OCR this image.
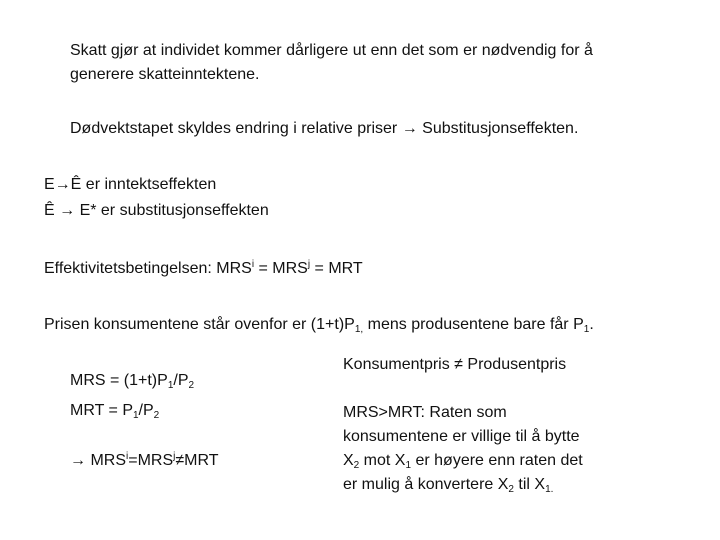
Skatt gjør at individet kommer dårligere ut enn det som er nødvendig for å
generere skatteinntektene.
Dødvektstapet skyldes endring i relative priser → Substitusjonseffekten.
E→Ê er inntektseffekten
Ê → E* er substitusjonseffekten
Effektivitetsbetingelsen: $MRS^i = MRS^j$ = MRT
Prisen konsumentene står ovenfor er $(1+t)P_{1,}$ mens produsentene bare får $P_1$.
MRS = $(1+t)P_1/P_2$
MRT = $P_1/P_2$
→ $MRS^i=MRS^j\ne MRT$
Konsumentpris ≠ Produsentpris
MRS>MRT: Raten som
konsumentene er villige til å bytte
$X_2$ mot $X_1$ er høyere enn raten det
er mulig å konvertere $X_2$ til $X_{1.}$
